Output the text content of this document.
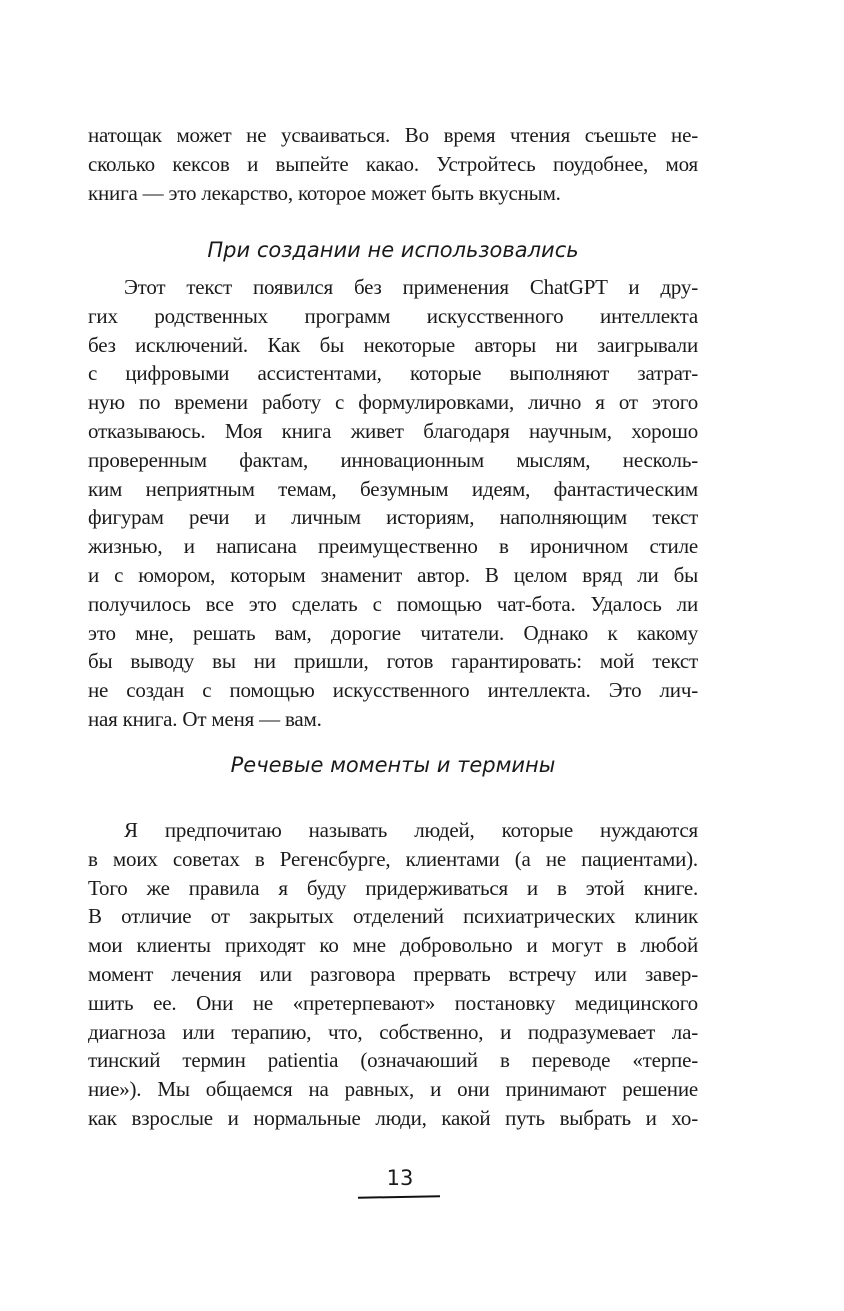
натощак может не усваиваться. Во время чтения съешьте не-
сколько кексов и выпейте какао. Устройтесь поудобнее, моя
книга — это лекарство, которое может быть вкусным.
При создании не использовались
Этот текст появился без применения ChatGPT и дру-
гих родственных программ искусственного интеллекта
без исключений. Как бы некоторые авторы ни заигрывали
с цифровыми ассистентами, которые выполняют затрат-
ную по времени работу с формулировками, лично я от этого
отказываюсь. Моя книга живет благодаря научным, хорошо
проверенным фактам, инновационным мыслям, несколь-
ким неприятным темам, безумным идеям, фантастическим
фигурам речи и личным историям, наполняющим текст
жизнью, и написана преимущественно в ироничном стиле
и с юмором, которым знаменит автор. В целом вряд ли бы
получилось все это сделать с помощью чат-бота. Удалось ли
это мне, решать вам, дорогие читатели. Однако к какому
бы выводу вы ни пришли, готов гарантировать: мой текст
не создан с помощью искусственного интеллекта. Это лич-
ная книга. От меня — вам.
Речевые моменты и термины
Я предпочитаю называть людей, которые нуждаются
в моих советах в Регенсбурге, клиентами (а не пациентами).
Того же правила я буду придерживаться и в этой книге.
В отличие от закрытых отделений психиатрических клиник
мои клиенты приходят ко мне добровольно и могут в любой
момент лечения или разговора прервать встречу или завер-
шить ее. Они не «претерпевают» постановку медицинского
диагноза или терапию, что, собственно, и подразумевает ла-
тинский термин patientia (означаюший в переводе «терпе-
ние»). Мы общаемся на равных, и они принимают решение
как взрослые и нормальные люди, какой путь выбрать и хо-
13
